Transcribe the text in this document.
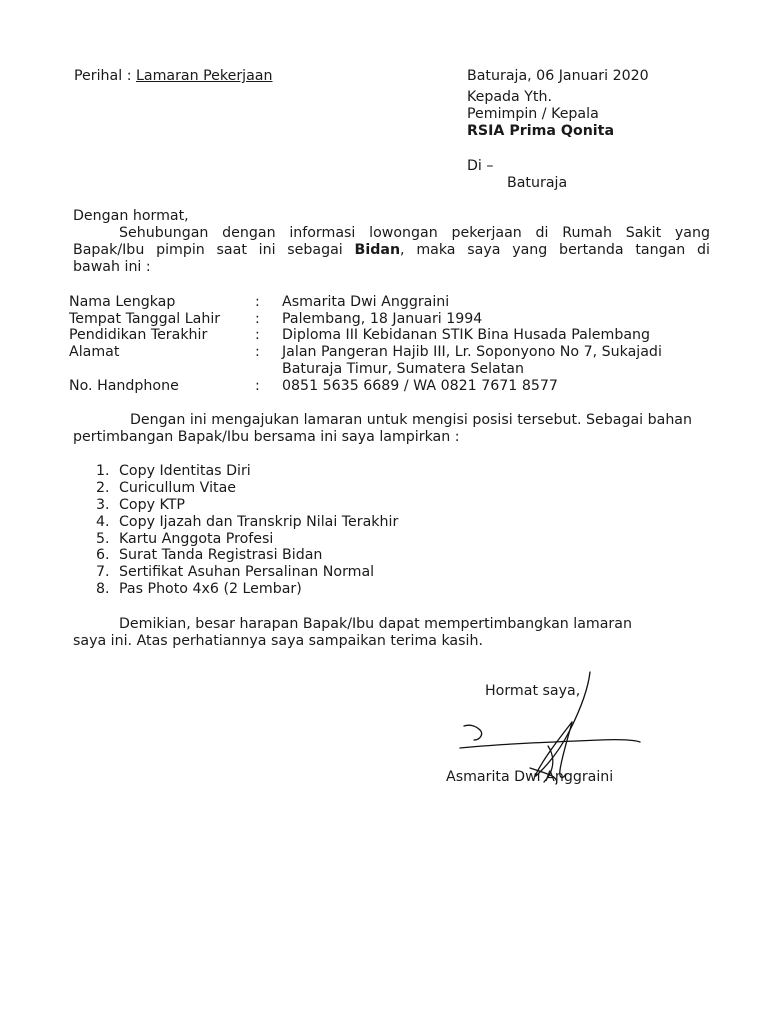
Perihal : Lamaran Pekerjaan	Baturaja, 06 Januari 2020
Kepada Yth.
Pemimpin / Kepala
RSIA Prima Qonita
Di –
Baturaja
Dengan hormat,
Sehubungan dengan informasi lowongan pekerjaan di Rumah Sakit yang
Bapak/Ibu pimpin saat ini sebagai Bidan, maka saya yang bertanda tangan di
bawah ini :
Nama Lengkap	: Asmarita Dwi Anggraini
Tempat Tanggal Lahir : Palembang, 18 Januari 1994
Pendidikan Terakhir	: Diploma III Kebidanan STIK Bina Husada Palembang
Alamat	: Jalan Pangeran Hajib III, Lr. Soponyono No 7, Sukajadi
Baturaja Timur, Sumatera Selatan
No. Handphone	: 0851 5635 6689 / WA 0821 7671 8577
Dengan ini mengajukan lamaran untuk mengisi posisi tersebut. Sebagai bahan
pertimbangan Bapak/Ibu bersama ini saya lampirkan :
1. Copy Identitas Diri
2. Curicullum Vitae
3. Copy KTP
4. Copy Ijazah dan Transkrip Nilai Terakhir
5. Kartu Anggota Profesi
6. Surat Tanda Registrasi Bidan
7. Sertifikat Asuhan Persalinan Normal
8. Pas Photo 4x6 (2 Lembar)
Demikian, besar harapan Bapak/Ibu dapat mempertimbangkan lamaran
saya ini. Atas perhatiannya saya sampaikan terima kasih.
Hormat saya,
Asmarita Dwi Anggraini
